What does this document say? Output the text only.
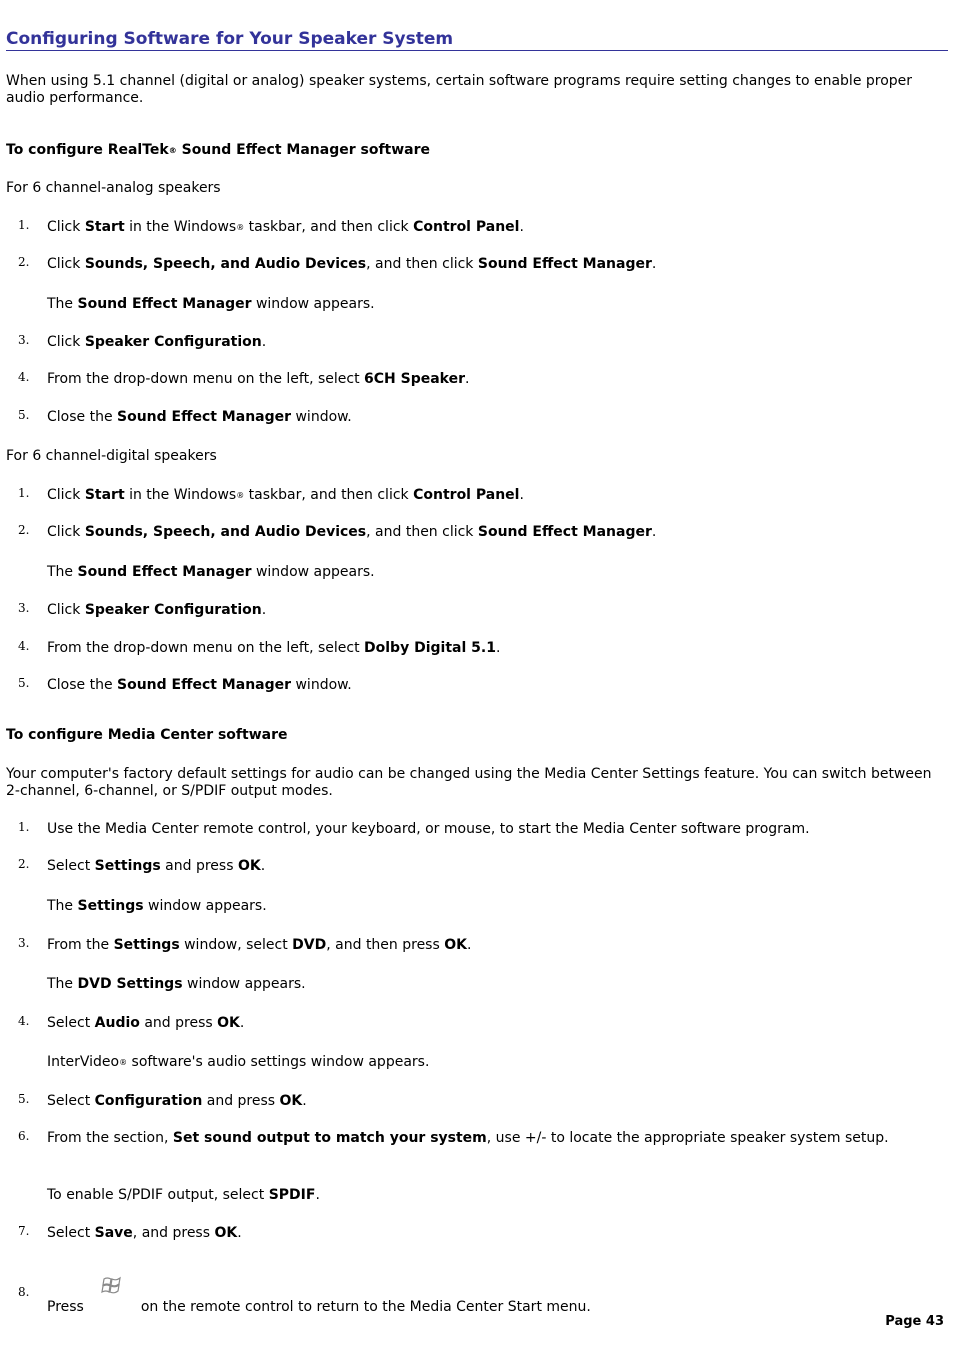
Configuring Software for Your Speaker System

When using 5.1 channel (digital or analog) speaker systems, certain software programs require setting changes to enable proper audio performance.

To configure RealTek® Sound Effect Manager software
For 6 channel-analog speakers
1.	Click Start in the Windows® taskbar, and then click Control Panel.
2.	Click Sounds, Speech, and Audio Devices, and then click Sound Effect Manager.
The Sound Effect Manager window appears.
3.	Click Speaker Configuration.
4.	From the drop-down menu on the left, select 6CH Speaker.
5.	Close the Sound Effect Manager window.
For 6 channel-digital speakers
1.	Click Start in the Windows® taskbar, and then click Control Panel.
2.	Click Sounds, Speech, and Audio Devices, and then click Sound Effect Manager.
The Sound Effect Manager window appears.
3.	Click Speaker Configuration.
4.	From the drop-down menu on the left, select Dolby Digital 5.1.
5.	Close the Sound Effect Manager window.
To configure Media Center software

Your computer's factory default settings for audio can be changed using the Media Center Settings feature. You can switch between 2-channel, 6-channel, or S/PDIF output modes.

1.	Use the Media Center remote control, your keyboard, or mouse, to start the Media Center software program.
2.	Select Settings and press OK.
The Settings window appears.
3.	From the Settings window, select DVD, and then press OK.
The DVD Settings window appears.
4.	Select Audio and press OK.
InterVideo® software's audio settings window appears.
5.	Select Configuration and press OK.
6.	From the section, Set sound output to match your system, use +/- to locate the appropriate speaker system setup.
To enable S/PDIF output, select SPDIF.
7.	Select Save, and press OK.
8.
Press	on the remote control to return to the Media Center Start menu.
Page 43
